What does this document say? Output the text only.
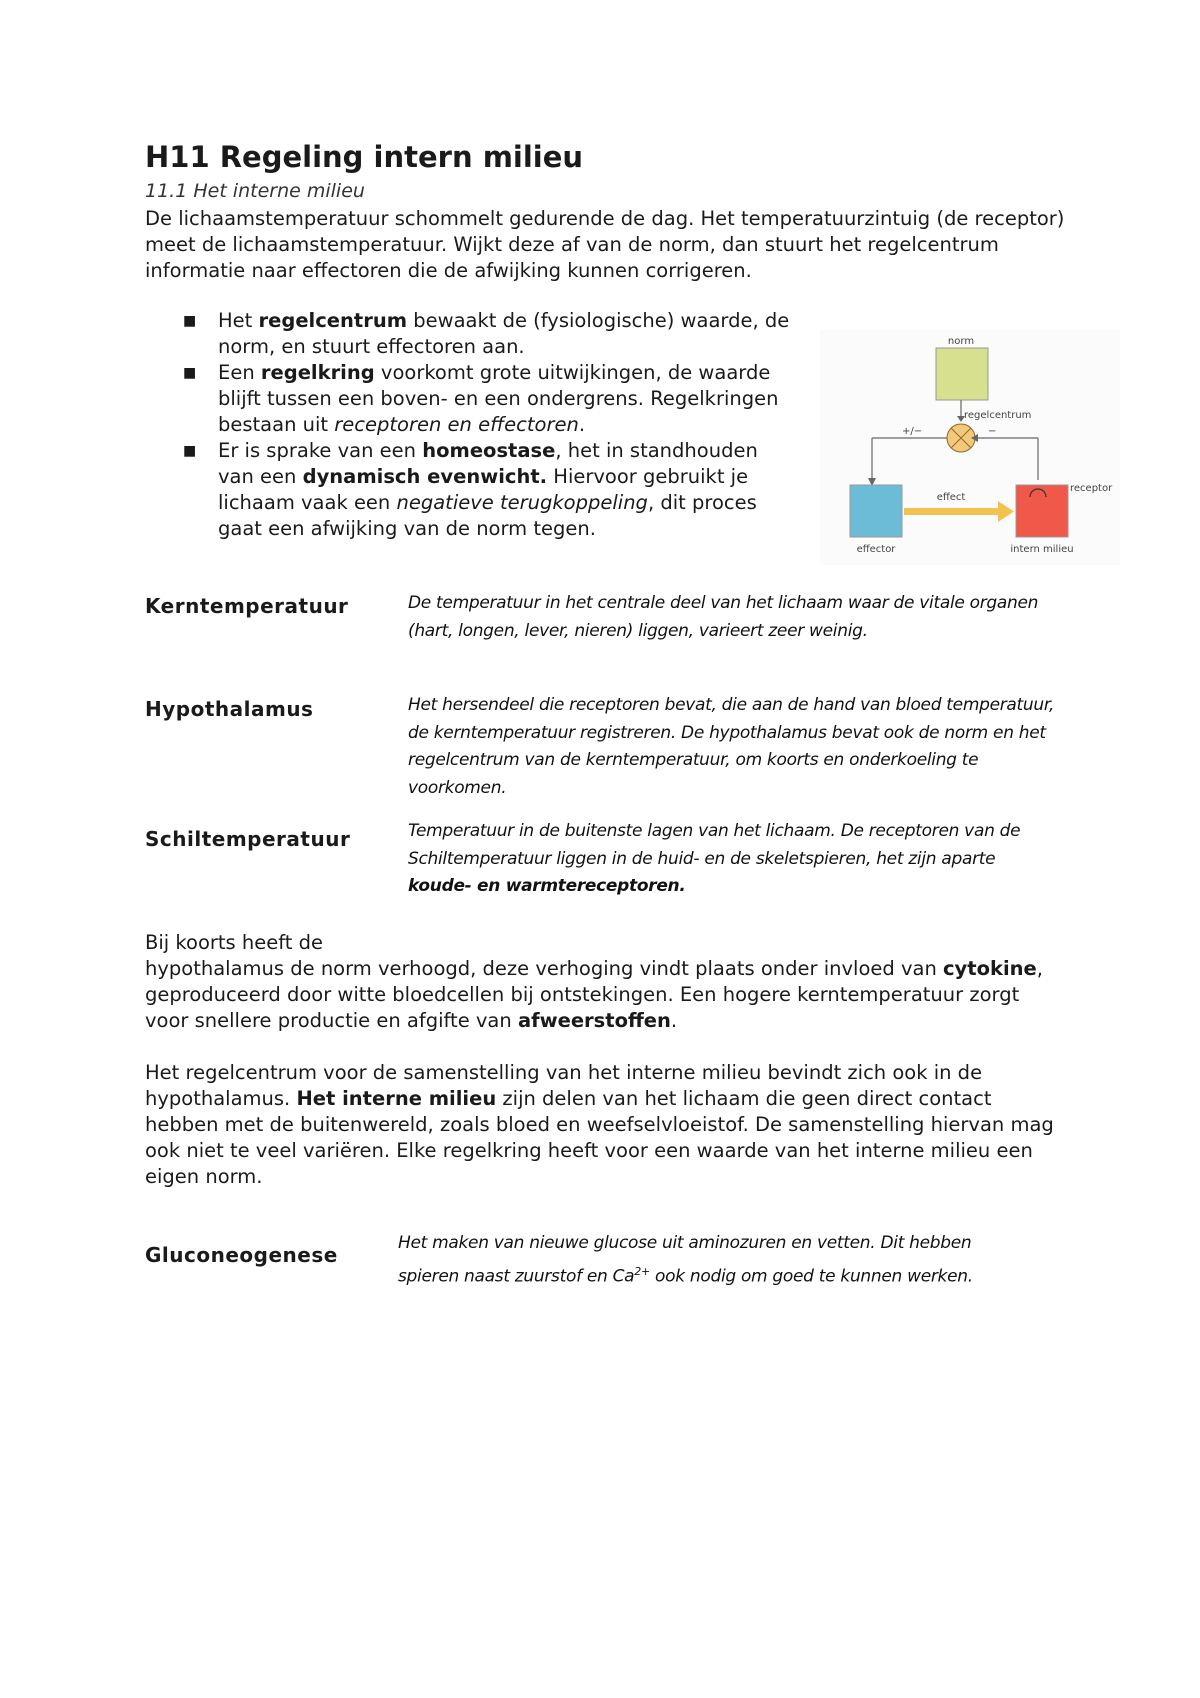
H11 Regeling intern milieu
11.1 Het interne milieu
De lichaamstemperatuur schommelt gedurende de dag. Het temperatuurzintuig (de receptor) meet de lichaamstemperatuur. Wijkt deze af van de norm, dan stuurt het regelcentrum informatie naar effectoren die de afwijking kunnen corrigeren.
■ Het regelcentrum bewaakt de (fysiologische) waarde, de norm, en stuurt effectoren aan.
■ Een regelkring voorkomt grote uitwijkingen, de waarde blijft tussen een boven- en een ondergrens. Regelkringen bestaan uit receptoren en effectoren.
■ Er is sprake van een homeostase, het in standhouden van een dynamisch evenwicht. Hiervoor gebruikt je lichaam vaak een negatieve terugkoppeling, dit proces gaat een afwijking van de norm tegen.
norm
regelcentrum
+/−	−
effect
receptor
effector	intern milieu
Kerntemperatuur	De temperatuur in het centrale deel van het lichaam waar de vitale organen (hart, longen, lever, nieren) liggen, varieert zeer weinig.
Hypothalamus	Het hersendeel die receptoren bevat, die aan de hand van bloed temperatuur, de kerntemperatuur registreren. De hypothalamus bevat ook de norm en het regelcentrum van de kerntemperatuur, om koorts en onderkoeling te voorkomen.
Schiltemperatuur	Temperatuur in de buitenste lagen van het lichaam. De receptoren van de Schiltemperatuur liggen in de huid- en de skeletspieren, het zijn aparte koude- en warmtereceptoren.
Bij koorts heeft de
hypothalamus de norm verhoogd, deze verhoging vindt plaats onder invloed van cytokine, geproduceerd door witte bloedcellen bij ontstekingen. Een hogere kerntemperatuur zorgt voor snellere productie en afgifte van afweerstoffen.
Het regelcentrum voor de samenstelling van het interne milieu bevindt zich ook in de hypothalamus. Het interne milieu zijn delen van het lichaam die geen direct contact hebben met de buitenwereld, zoals bloed en weefselvloeistof. De samenstelling hiervan mag ook niet te veel variëren. Elke regelkring heeft voor een waarde van het interne milieu een eigen norm.
Gluconeogenese	Het maken van nieuwe glucose uit aminozuren en vetten. Dit hebben spieren naast zuurstof en $Ca^{2+}$ ook nodig om goed te kunnen werken.
